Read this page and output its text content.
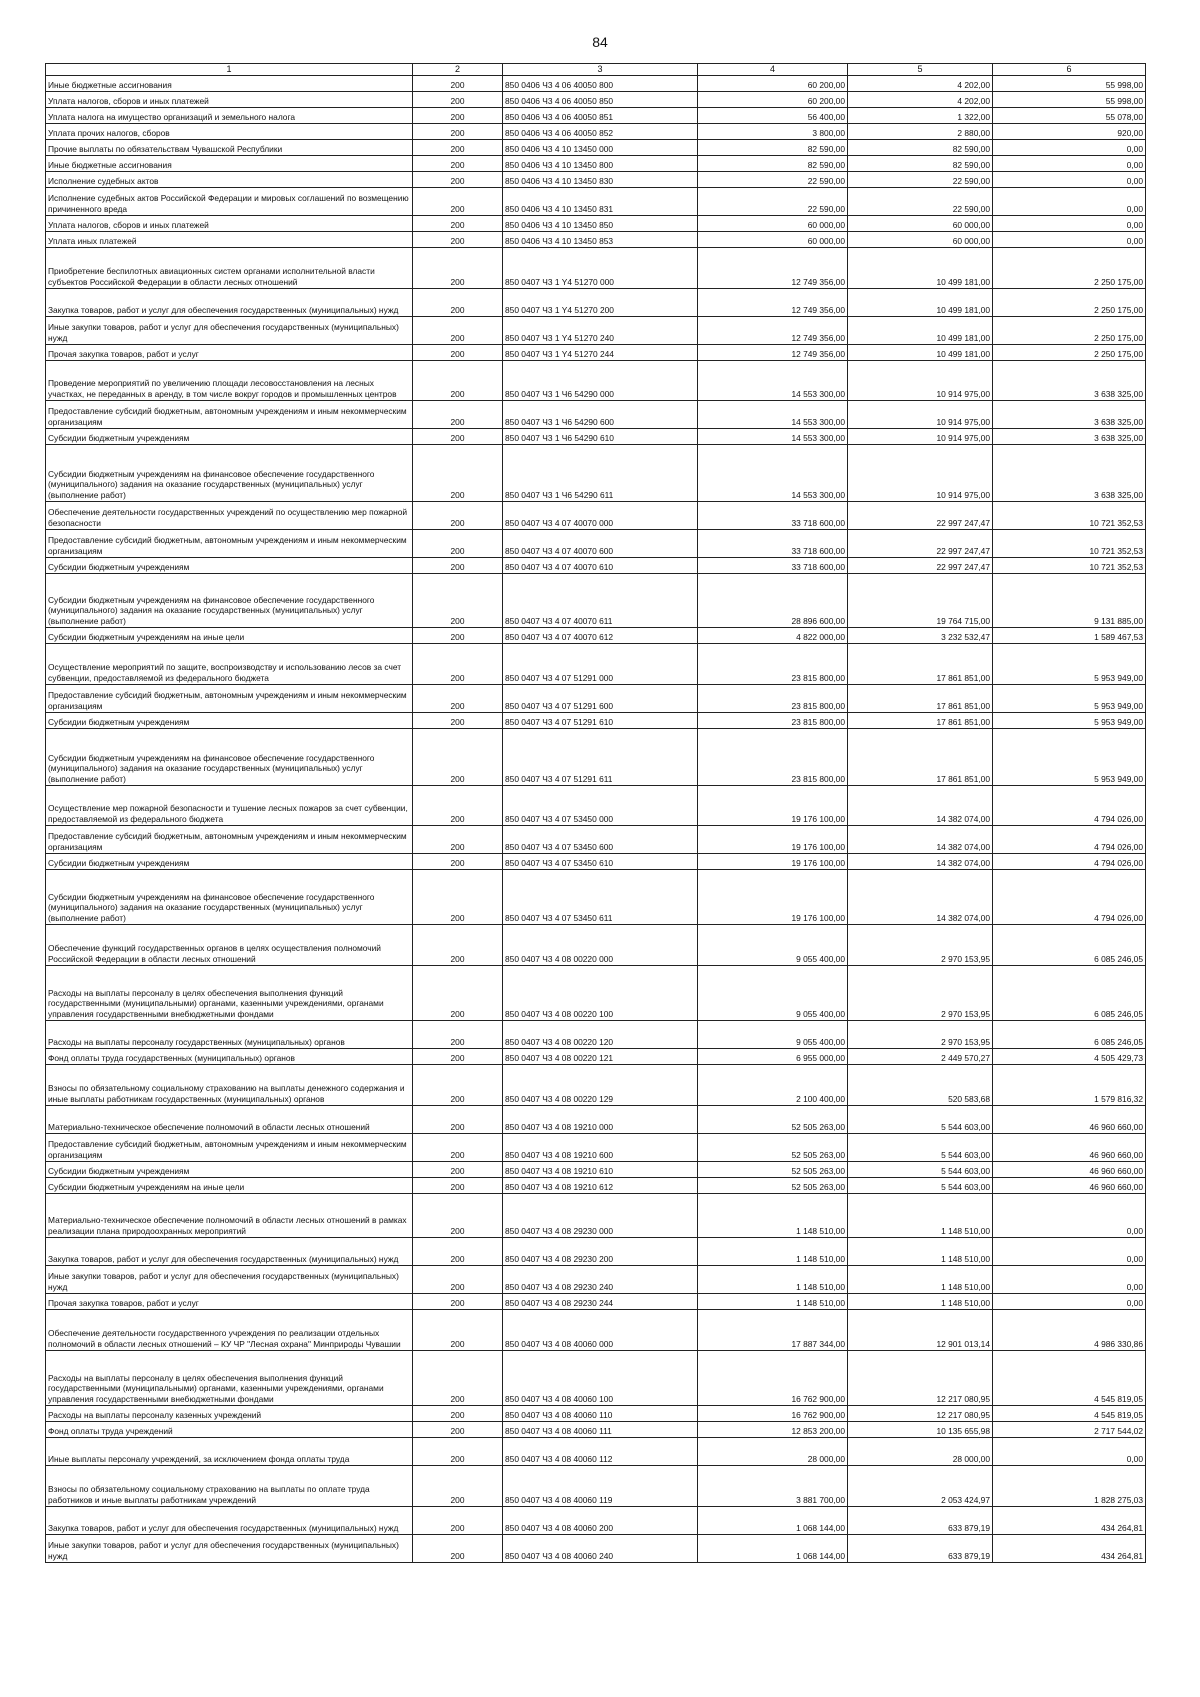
84
1	2	3	4	5	6
Иные бюджетные ассигнования	200	850 0406 Ч3 4 06 40050 800	60 200,00	4 202,00	55 998,00
Уплата налогов, сборов и иных платежей	200	850 0406 Ч3 4 06 40050 850	60 200,00	4 202,00	55 998,00
Уплата налога на имущество организаций и земельного налога	200	850 0406 Ч3 4 06 40050 851	56 400,00	1 322,00	55 078,00
Уплата прочих налогов, сборов	200	850 0406 Ч3 4 06 40050 852	3 800,00	2 880,00	920,00
Прочие выплаты по обязательствам Чувашской Республики	200	850 0406 Ч3 4 10 13450 000	82 590,00	82 590,00	0,00
Иные бюджетные ассигнования	200	850 0406 Ч3 4 10 13450 800	82 590,00	82 590,00	0,00
Исполнение судебных актов	200	850 0406 Ч3 4 10 13450 830	22 590,00	22 590,00	0,00
Исполнение судебных актов Российской Федерации и мировых соглашений по возмещению причиненного вреда	200	850 0406 Ч3 4 10 13450 831	22 590,00	22 590,00	0,00
Уплата налогов, сборов и иных платежей	200	850 0406 Ч3 4 10 13450 850	60 000,00	60 000,00	0,00
Уплата иных платежей	200	850 0406 Ч3 4 10 13450 853	60 000,00	60 000,00	0,00
Приобретение беспилотных авиационных систем органами исполнительной власти субъектов Российской Федерации в области лесных отношений	200	850 0407 Ч3 1 Y4 51270 000	12 749 356,00	10 499 181,00	2 250 175,00
Закупка товаров, работ и услуг для обеспечения государственных (муниципальных) нужд	200	850 0407 Ч3 1 Y4 51270 200	12 749 356,00	10 499 181,00	2 250 175,00
Иные закупки товаров, работ и услуг для обеспечения государственных (муниципальных) нужд	200	850 0407 Ч3 1 Y4 51270 240	12 749 356,00	10 499 181,00	2 250 175,00
Прочая закупка товаров, работ и услуг	200	850 0407 Ч3 1 Y4 51270 244	12 749 356,00	10 499 181,00	2 250 175,00
Проведение мероприятий по увеличению площади лесовосстановления на лесных участках, не переданных в аренду, в том числе вокруг городов и промышленных центров	200	850 0407 Ч3 1 Ч6 54290 000	14 553 300,00	10 914 975,00	3 638 325,00
Предоставление субсидий бюджетным, автономным учреждениям и иным некоммерческим организациям	200	850 0407 Ч3 1 Ч6 54290 600	14 553 300,00	10 914 975,00	3 638 325,00
Субсидии бюджетным учреждениям	200	850 0407 Ч3 1 Ч6 54290 610	14 553 300,00	10 914 975,00	3 638 325,00
Субсидии бюджетным учреждениям на финансовое обеспечение государственного (муниципального) задания на оказание государственных (муниципальных) услуг (выполнение работ)	200	850 0407 Ч3 1 Ч6 54290 611	14 553 300,00	10 914 975,00	3 638 325,00
Обеспечение деятельности государственных учреждений по осуществлению мер пожарной безопасности	200	850 0407 Ч3 4 07 40070 000	33 718 600,00	22 997 247,47	10 721 352,53
Предоставление субсидий бюджетным, автономным учреждениям и иным некоммерческим организациям	200	850 0407 Ч3 4 07 40070 600	33 718 600,00	22 997 247,47	10 721 352,53
Субсидии бюджетным учреждениям	200	850 0407 Ч3 4 07 40070 610	33 718 600,00	22 997 247,47	10 721 352,53
Субсидии бюджетным учреждениям на финансовое обеспечение государственного (муниципального) задания на оказание государственных (муниципальных) услуг (выполнение работ)	200	850 0407 Ч3 4 07 40070 611	28 896 600,00	19 764 715,00	9 131 885,00
Субсидии бюджетным учреждениям на иные цели	200	850 0407 Ч3 4 07 40070 612	4 822 000,00	3 232 532,47	1 589 467,53
Осуществление мероприятий по защите, воспроизводству и использованию лесов за счет субвенции, предоставляемой из федерального бюджета	200	850 0407 Ч3 4 07 51291 000	23 815 800,00	17 861 851,00	5 953 949,00
Предоставление субсидий бюджетным, автономным учреждениям и иным некоммерческим организациям	200	850 0407 Ч3 4 07 51291 600	23 815 800,00	17 861 851,00	5 953 949,00
Субсидии бюджетным учреждениям	200	850 0407 Ч3 4 07 51291 610	23 815 800,00	17 861 851,00	5 953 949,00
Субсидии бюджетным учреждениям на финансовое обеспечение государственного (муниципального) задания на оказание государственных (муниципальных) услуг (выполнение работ)	200	850 0407 Ч3 4 07 51291 611	23 815 800,00	17 861 851,00	5 953 949,00
Осуществление мер пожарной безопасности и тушение лесных пожаров за счет субвенции, предоставляемой из федерального бюджета	200	850 0407 Ч3 4 07 53450 000	19 176 100,00	14 382 074,00	4 794 026,00
Предоставление субсидий бюджетным, автономным учреждениям и иным некоммерческим организациям	200	850 0407 Ч3 4 07 53450 600	19 176 100,00	14 382 074,00	4 794 026,00
Субсидии бюджетным учреждениям	200	850 0407 Ч3 4 07 53450 610	19 176 100,00	14 382 074,00	4 794 026,00
Субсидии бюджетным учреждениям на финансовое обеспечение государственного (муниципального) задания на оказание государственных (муниципальных) услуг (выполнение работ)	200	850 0407 Ч3 4 07 53450 611	19 176 100,00	14 382 074,00	4 794 026,00
Обеспечение функций государственных органов в целях осуществления полномочий Российской Федерации в области лесных отношений	200	850 0407 Ч3 4 08 00220 000	9 055 400,00	2 970 153,95	6 085 246,05
Расходы на выплаты персоналу в целях обеспечения выполнения функций государственными (муниципальными) органами, казенными учреждениями, органами управления государственными внебюджетными фондами	200	850 0407 Ч3 4 08 00220 100	9 055 400,00	2 970 153,95	6 085 246,05
Расходы на выплаты персоналу государственных (муниципальных) органов	200	850 0407 Ч3 4 08 00220 120	9 055 400,00	2 970 153,95	6 085 246,05
Фонд оплаты труда государственных (муниципальных) органов	200	850 0407 Ч3 4 08 00220 121	6 955 000,00	2 449 570,27	4 505 429,73
Взносы по обязательному социальному страхованию на выплаты денежного содержания и иные выплаты работникам государственных (муниципальных) органов	200	850 0407 Ч3 4 08 00220 129	2 100 400,00	520 583,68	1 579 816,32
Материально-техническое обеспечение полномочий в области лесных отношений	200	850 0407 Ч3 4 08 19210 000	52 505 263,00	5 544 603,00	46 960 660,00
Предоставление субсидий бюджетным, автономным учреждениям и иным некоммерческим организациям	200	850 0407 Ч3 4 08 19210 600	52 505 263,00	5 544 603,00	46 960 660,00
Субсидии бюджетным учреждениям	200	850 0407 Ч3 4 08 19210 610	52 505 263,00	5 544 603,00	46 960 660,00
Субсидии бюджетным учреждениям на иные цели	200	850 0407 Ч3 4 08 19210 612	52 505 263,00	5 544 603,00	46 960 660,00
Материально-техническое обеспечение полномочий в области лесных отношений в рамках реализации плана природоохранных мероприятий	200	850 0407 Ч3 4 08 29230 000	1 148 510,00	1 148 510,00	0,00
Закупка товаров, работ и услуг для обеспечения государственных (муниципальных) нужд	200	850 0407 Ч3 4 08 29230 200	1 148 510,00	1 148 510,00	0,00
Иные закупки товаров, работ и услуг для обеспечения государственных (муниципальных) нужд	200	850 0407 Ч3 4 08 29230 240	1 148 510,00	1 148 510,00	0,00
Прочая закупка товаров, работ и услуг	200	850 0407 Ч3 4 08 29230 244	1 148 510,00	1 148 510,00	0,00
Обеспечение деятельности государственного учреждения по реализации отдельных полномочий в области лесных отношений – КУ ЧР "Лесная охрана" Минприроды Чувашии	200	850 0407 Ч3 4 08 40060 000	17 887 344,00	12 901 013,14	4 986 330,86
Расходы на выплаты персоналу в целях обеспечения выполнения функций государственными (муниципальными) органами, казенными учреждениями, органами управления государственными внебюджетными фондами	200	850 0407 Ч3 4 08 40060 100	16 762 900,00	12 217 080,95	4 545 819,05
Расходы на выплаты персоналу казенных учреждений	200	850 0407 Ч3 4 08 40060 110	16 762 900,00	12 217 080,95	4 545 819,05
Фонд оплаты труда учреждений	200	850 0407 Ч3 4 08 40060 111	12 853 200,00	10 135 655,98	2 717 544,02
Иные выплаты персоналу учреждений, за исключением фонда оплаты труда	200	850 0407 Ч3 4 08 40060 112	28 000,00	28 000,00	0,00
Взносы по обязательному социальному страхованию на выплаты по оплате труда работников и иные выплаты работникам учреждений	200	850 0407 Ч3 4 08 40060 119	3 881 700,00	2 053 424,97	1 828 275,03
Закупка товаров, работ и услуг для обеспечения государственных (муниципальных) нужд	200	850 0407 Ч3 4 08 40060 200	1 068 144,00	633 879,19	434 264,81
Иные закупки товаров, работ и услуг для обеспечения государственных (муниципальных) нужд	200	850 0407 Ч3 4 08 40060 240	1 068 144,00	633 879,19	434 264,81
